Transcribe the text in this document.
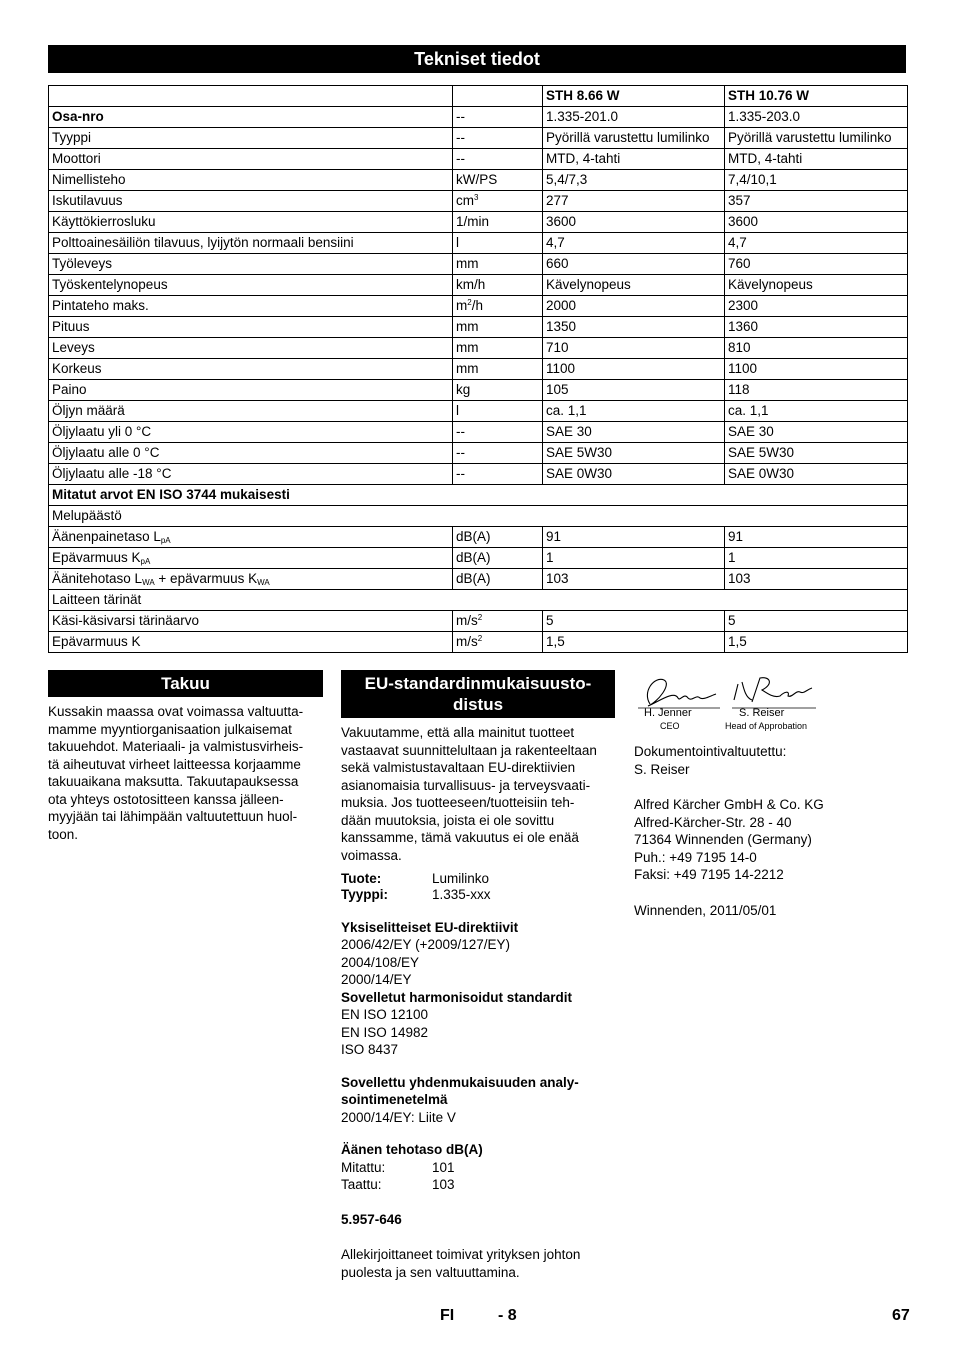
Tekniset tiedot
		STH 8.66 W	STH 10.76 W
Osa-nro	--	1.335-201.0	1.335-203.0
Tyyppi	--	Pyörillä varustettu lumilinko	Pyörillä varustettu lumilinko
Moottori	--	MTD, 4-tahti	MTD, 4-tahti
Nimellisteho	kW/PS	5,4/7,3	7,4/10,1
Iskutilavuus	$cm^3$	277	357
Käyttökierrosluku	1/min	3600	3600
Polttoainesäiliön tilavuus, lyijytön normaali bensiini	l	4,7	4,7
Työleveys	mm	660	760
Työskentelynopeus	km/h	Kävelynopeus	Kävelynopeus
Pintateho maks.	$m^2/h$	2000	2300
Pituus	mm	1350	1360
Leveys	mm	710	810
Korkeus	mm	1100	1100
Paino	kg	105	118
Öljyn määrä	l	ca. 1,1	ca. 1,1
Öljylaatu yli 0 °C	--	SAE 30	SAE 30
Öljylaatu alle 0 °C	--	SAE 5W30	SAE 5W30
Öljylaatu alle -18 °C	--	SAE 0W30	SAE 0W30
Mitatut arvot EN ISO 3744 mukaisesti			
Melupäästö			
Äänenpainetaso $L_{pA}$	dB(A)	91	91
Epävarmuus $K_{pA}$	dB(A)	1	1
Äänitehotaso $L_{WA}$ + epävarmuus $K_{WA}$	dB(A)	103	103
Laitteen tärinät			
Käsi-käsivarsi tärinäarvo	$m/s^2$	5	5
Epävarmuus K	$m/s^2$	1,5	1,5
Takuu
Kussakin maassa ovat voimassa valtuutta-
mamme myyntiorganisaation julkaisemat
takuuehdot. Materiaali- ja valmistusvirheis-
tä aiheutuvat virheet laitteessa korjaamme
takuuaikana maksutta. Takuutapauksessa
ota yhteys ostotositteen kanssa jälleen-
myyjään tai lähimpään valtuutettuun huol-
toon.
EU-standardinmukaisuusto-
distus
Vakuutamme, että alla mainitut tuotteet
vastaavat suunnittelultaan ja rakenteeltaan
sekä valmistustavaltaan EU-direktiivien
asianomaisia turvallisuus- ja terveysvaati-
muksia. Jos tuotteeseen/tuotteisiin teh-
dään muutoksia, joista ei ole sovittu
kanssamme, tämä vakuutus ei ole enää
voimassa.
Tuote:	Lumilinko
Tyyppi:	1.335-xxx

Yksiselitteiset EU-direktiivit

2006/42/EY (+2009/127/EY)
2004/108/EY
2000/14/EY

Sovelletut harmonisoidut standardit

EN ISO 12100
EN ISO 14982
ISO 8437

Sovellettu yhdenmukaisuuden analy-

sointimenetelmä

2000/14/EY: Liite V

Äänen tehotaso dB(A)

Mitattu:	101
Taattu:	103

5.957-646

Allekirjoittaneet toimivat yrityksen johton
puolesta ja sen valtuuttamina.
H. Jenner
CEO
S. Reiser
Head of Approbation

Dokumentointivaltuutettu:

S. Reiser

Alfred Kärcher GmbH & Co. KG

Alfred-Kärcher-Str. 28 - 40

71364 Winnenden (Germany)

Puh.: +49 7195 14-0

Faksi: +49 7195 14-2212

Winnenden, 2011/05/01

FI	- 8	67
